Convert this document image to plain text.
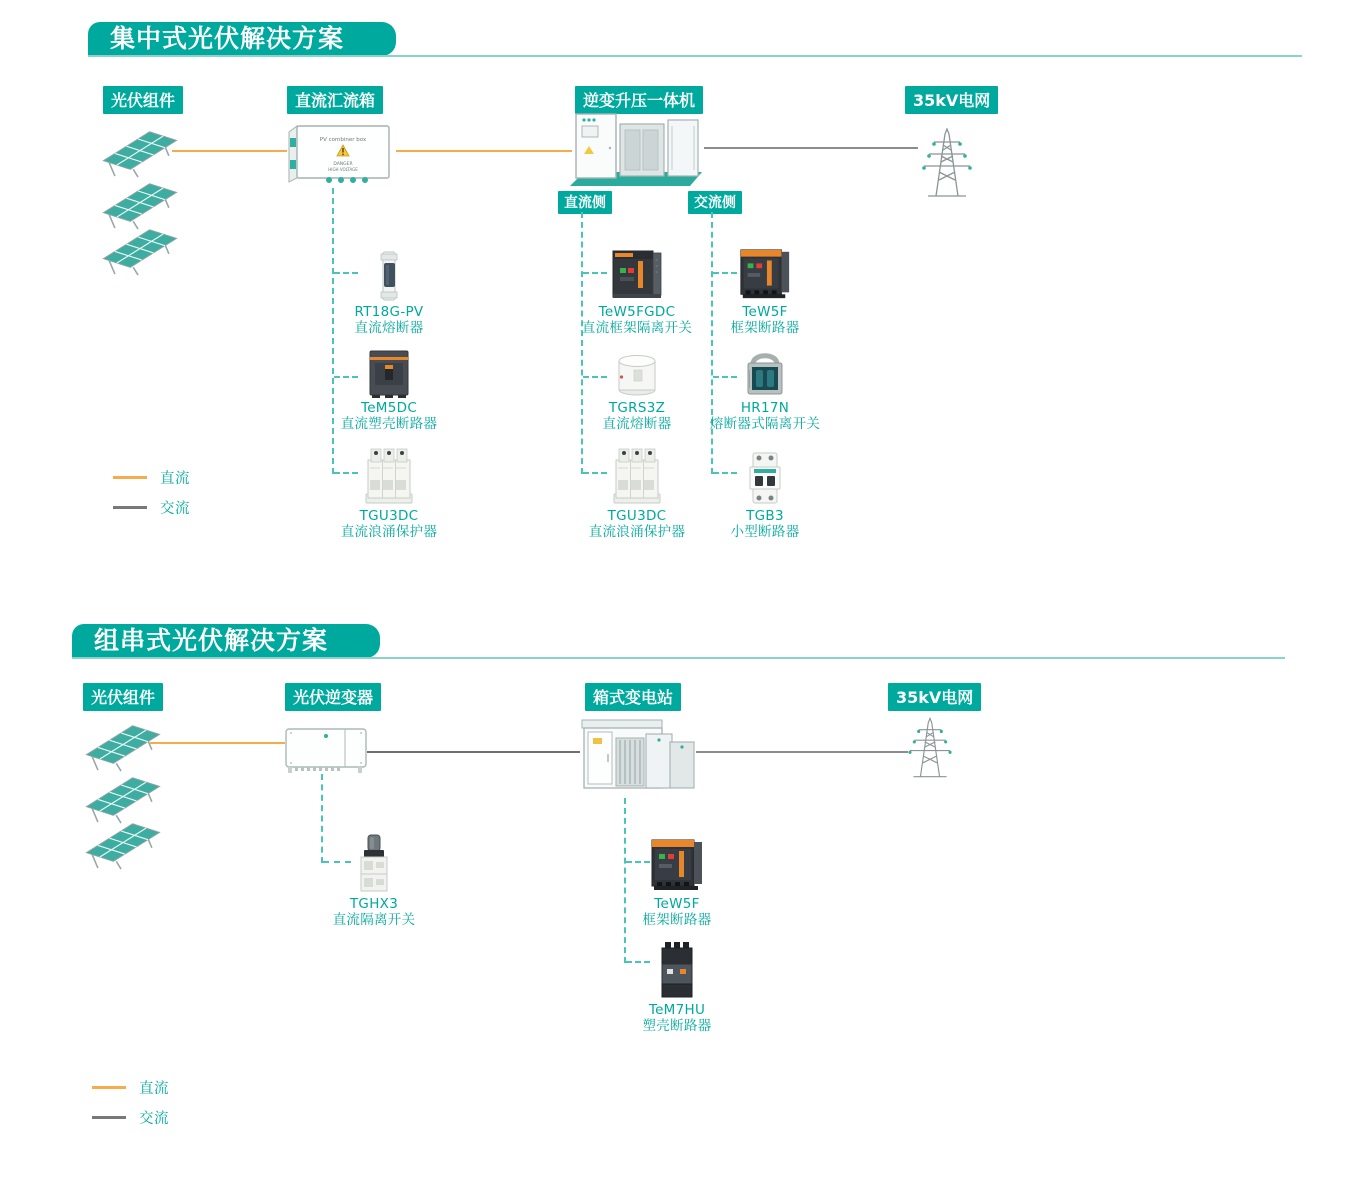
集中式光伏解决方案
光伏组件	直流汇流箱	逆变升压一体机	35kV电网
PV combiner box
DANGER
HIGH VOLTAGE
直流侧	交流侧
RT18G-PV
直流熔断器
TeM5DC
直流塑壳断路器
TGU3DC
直流浪涌保护器
TeW5FGDC
直流框架隔离开关
TGRS3Z
直流熔断器
TGU3DC
直流浪涌保护器
TeW5F
框架断路器
HR17N
熔断器式隔离开关
TGB3
小型断路器
直流
交流
组串式光伏解决方案
光伏组件	光伏逆变器	箱式变电站	35kV电网
TGHX3
直流隔离开关
TeW5F
框架断路器
TeM7HU
塑壳断路器
直流
交流
